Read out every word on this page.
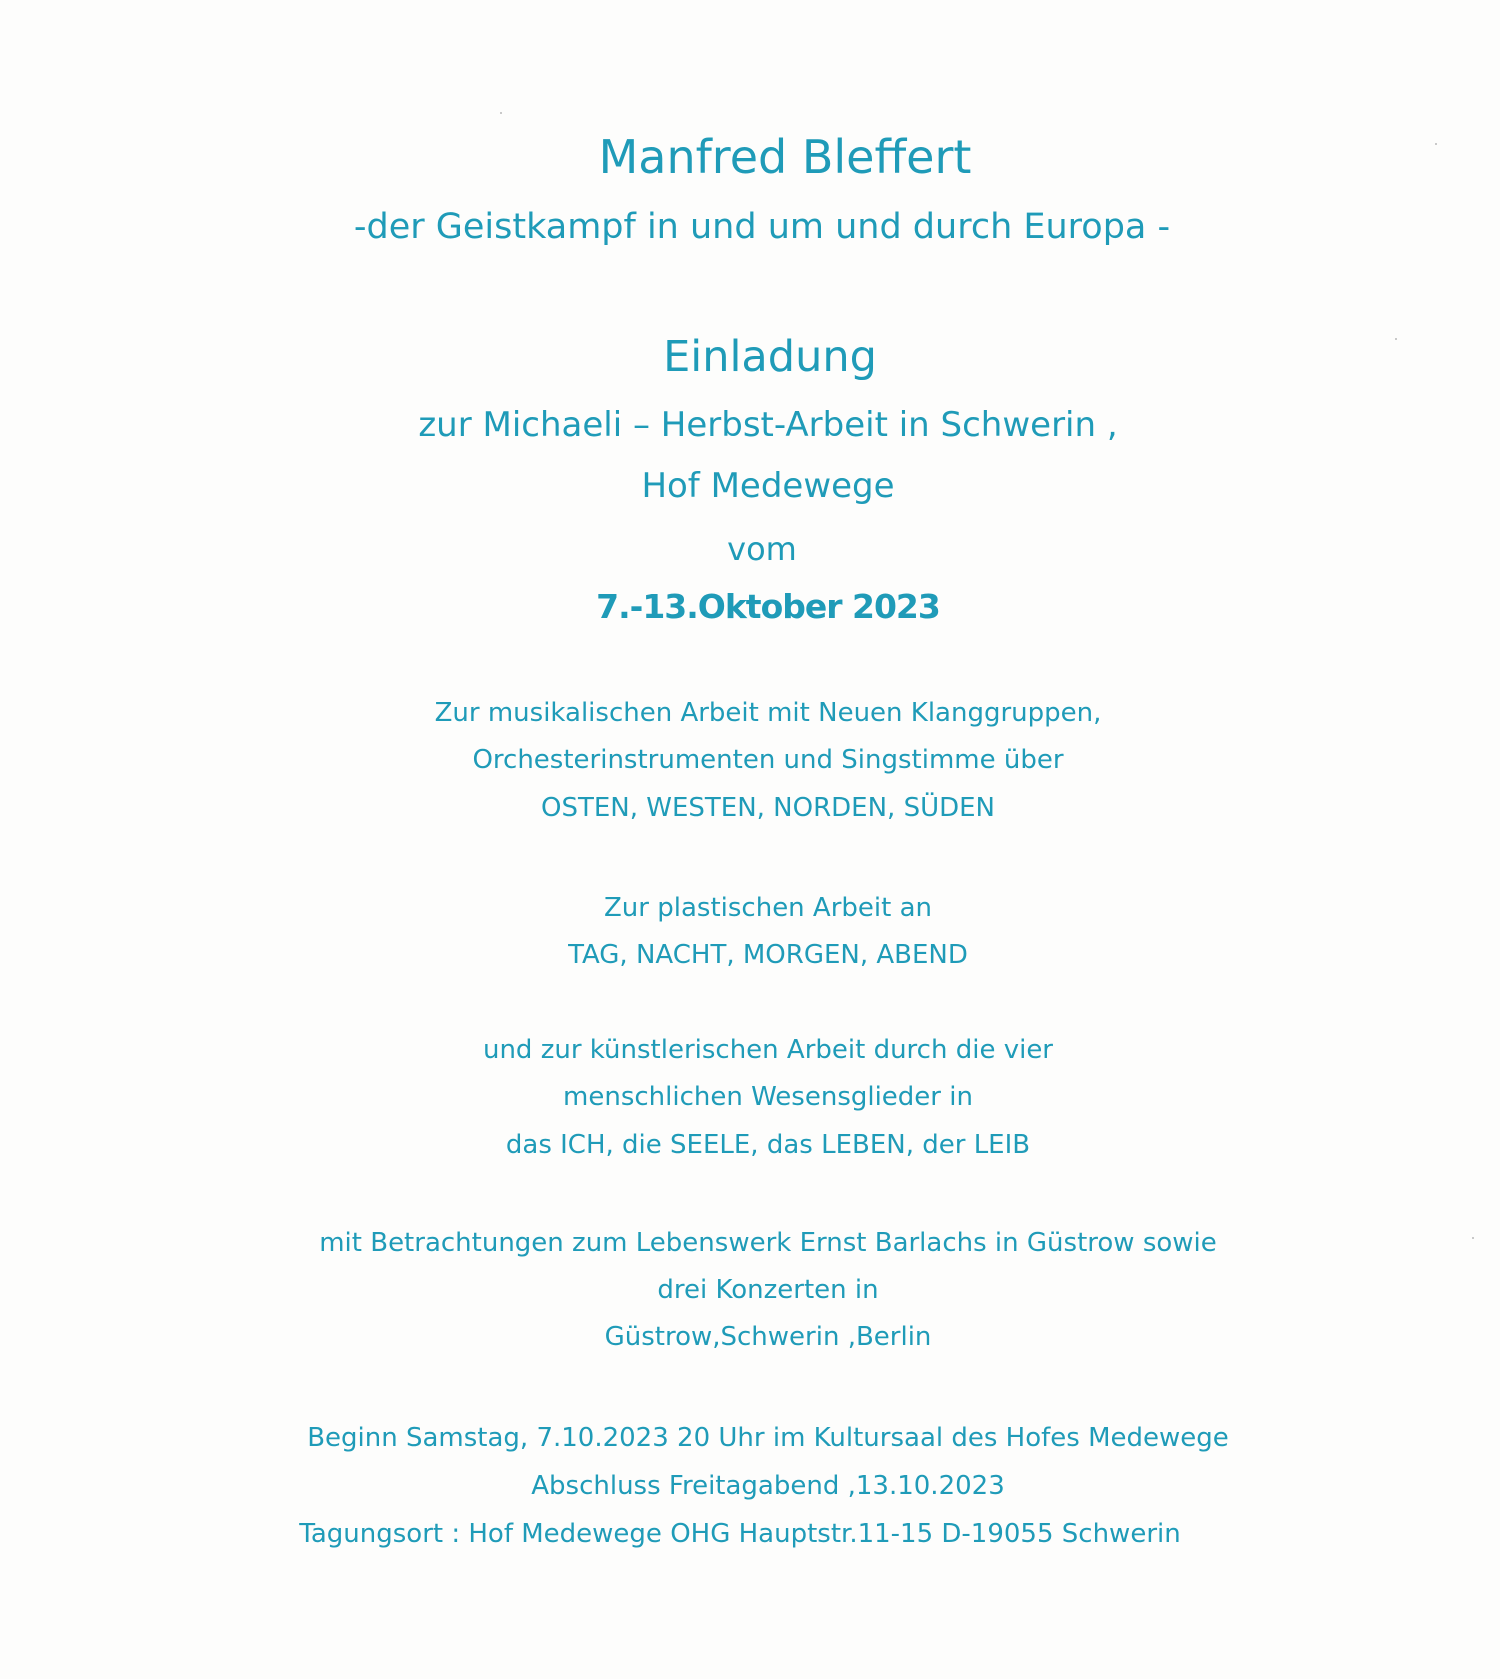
Manfred Bleffert
-der Geistkampf in und um und durch Europa -
Einladung
zur Michaeli – Herbst-Arbeit in Schwerin ,
Hof Medewege
vom
7.-13.Oktober 2023
Zur musikalischen Arbeit mit Neuen Klanggruppen,
Orchesterinstrumenten und Singstimme über
OSTEN, WESTEN, NORDEN, SÜDEN
Zur plastischen Arbeit an
TAG, NACHT, MORGEN, ABEND
und zur künstlerischen Arbeit durch die vier
menschlichen Wesensglieder in
das ICH, die SEELE, das LEBEN, der LEIB
mit Betrachtungen zum Lebenswerk Ernst Barlachs in Güstrow sowie
drei Konzerten in
Güstrow,Schwerin ,Berlin
Beginn Samstag, 7.10.2023 20 Uhr im Kultursaal des Hofes Medewege
Abschluss Freitagabend ,13.10.2023
Tagungsort : Hof Medewege OHG Hauptstr.11-15 D-19055 Schwerin
